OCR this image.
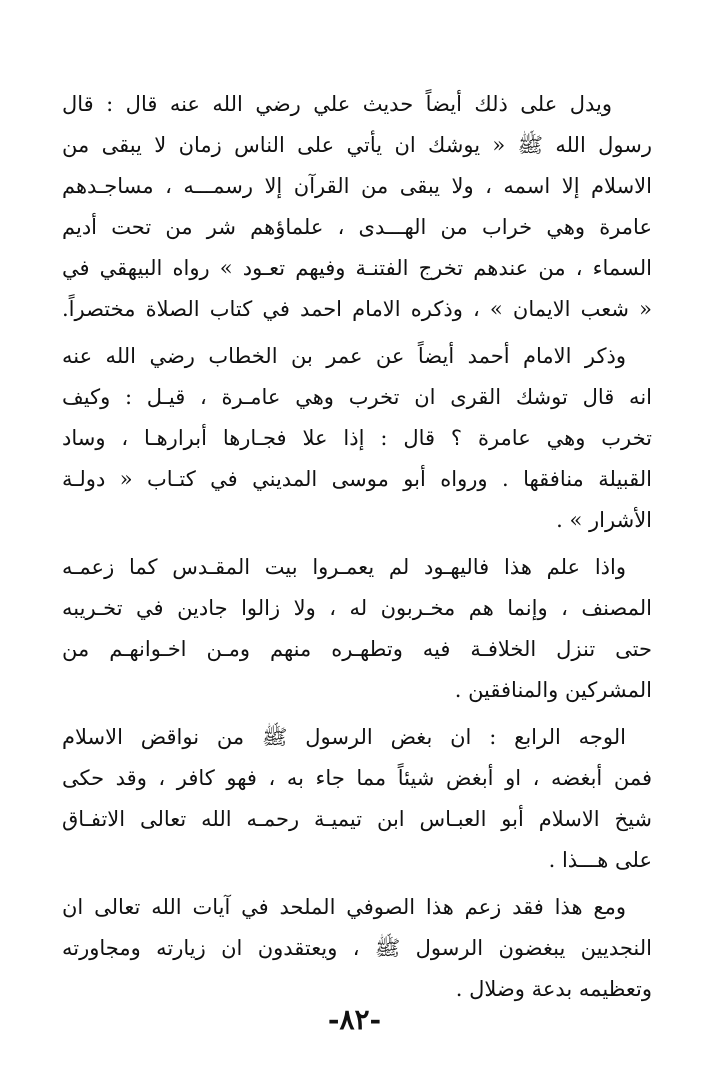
ويدل على ذلك أيضاً حديث علي رضي الله عنه قال : قال
رسول الله ﷺ « يوشك ان يأتي على الناس زمان لا يبقى من
الاسلام إلا اسمه ، ولا يبقى من القرآن إلا رسمـــه ، مساجـدهم
عامرة وهي خراب من الهـــدى ، علماؤهم شر من تحت أديم
السماء ، من عندهم تخرج الفتنـة وفيهم تعـود » رواه البيهقي في
« شعب الايمان » ، وذكره الامام احمد في كتاب الصلاة مختصراً.
وذكر الامام أحمد أيضاً عن عمر بن الخطاب رضي الله عنه
انه قال توشك القرى ان تخرب وهي عامـرة ، قيـل : وكيف
تخرب وهي عامرة ؟ قال : إذا علا فجـارها أبرارهـا ، وساد
القبيلة منافقها . ورواه أبو موسى المديني في كتـاب « دولـة
الأشرار » .
واذا علم هذا فاليهـود لم يعمـروا بيت المقـدس كما زعمـه
المصنف ، وإنما هم مخـربون له ، ولا زالوا جادين في تخـريبه
حتى تنزل الخلافـة فيه وتطهـره منهم ومـن اخـوانهـم من
المشركين والمنافقين .
الوجه الرابع : ان بغض الرسول ﷺ من نواقض الاسلام
فمن أبغضه ، او أبغض شيئاً مما جاء به ، فهو كافر ، وقد حكى
شيخ الاسلام أبو العبـاس ابن تيميـة رحمـه الله تعالى الاتفـاق
على هـــذا .
ومع هذا فقد زعم هذا الصوفي الملحد في آيات الله تعالى ان
النجديين يبغضون الرسول ﷺ ، ويعتقدون ان زيارته ومجاورته
وتعظيمه بدعة وضلال .
-٨٢-
